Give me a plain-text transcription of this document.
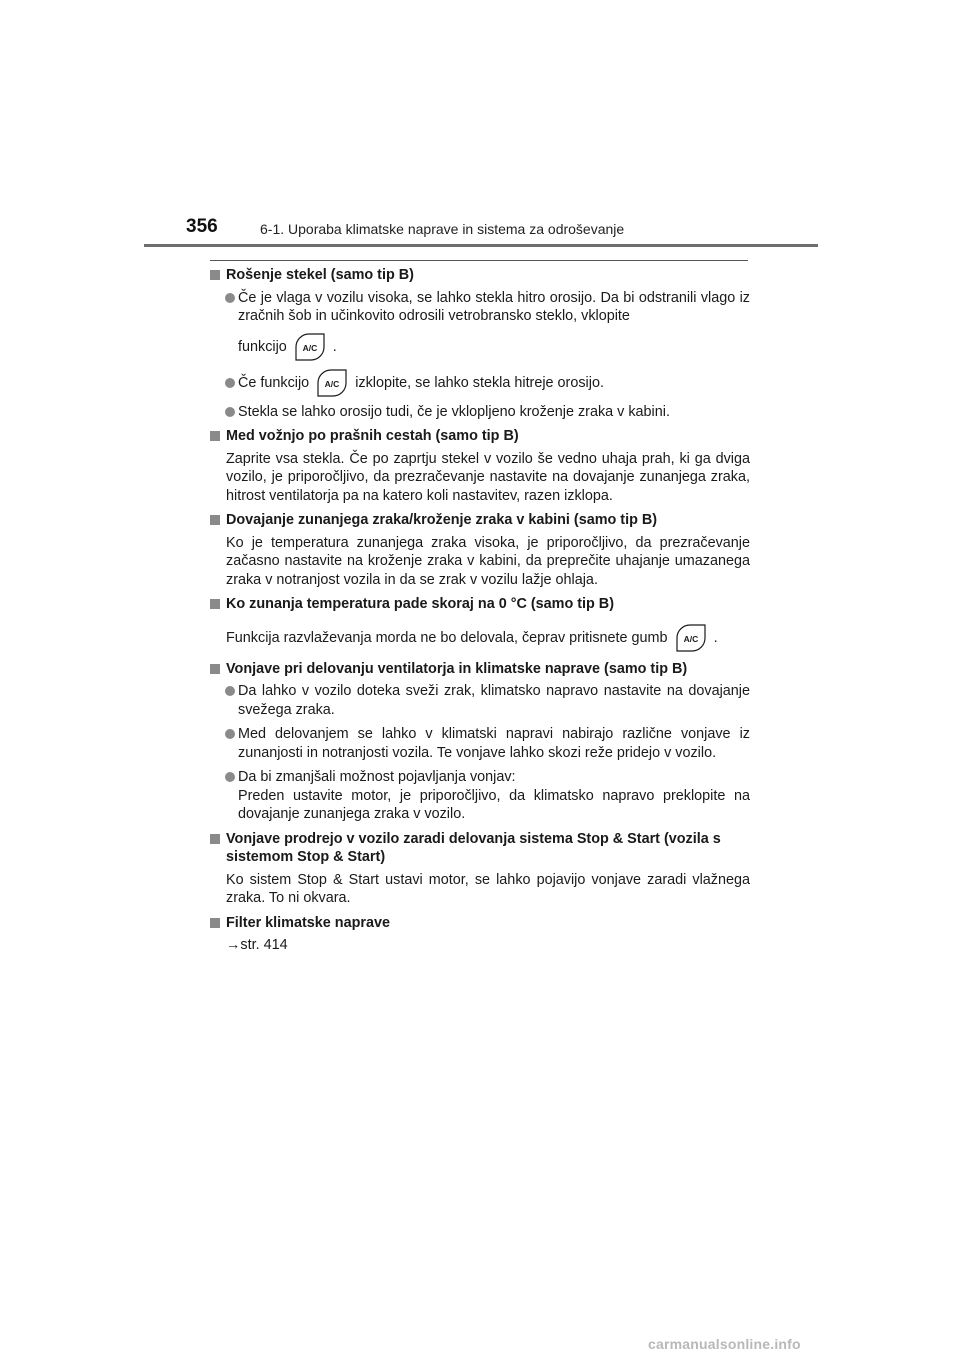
356	6-1. Uporaba klimatske naprave in sistema za odroševanje

Rošenje stekel (samo tip B)

Če je vlaga v vozilu visoka, se lahko stekla hitro orosijo. Da bi odstranili vlago iz zračnih šob in učinkovito odrosili vetrobransko steklo, vklopite

funkcijo A/C .

Če funkcijo A/C izklopite, se lahko stekla hitreje orosijo.

Stekla se lahko orosijo tudi, če je vklopljeno kroženje zraka v kabini.

Med vožnjo po prašnih cestah (samo tip B)

Zaprite vsa stekla. Če po zaprtju stekel v vozilo še vedno uhaja prah, ki ga dviga vozilo, je priporočljivo, da prezračevanje nastavite na dovajanje zunanjega zraka, hitrost ventilatorja pa na katero koli nastavitev, razen izklopa.

Dovajanje zunanjega zraka/kroženje zraka v kabini (samo tip B)

Ko je temperatura zunanjega zraka visoka, je priporočljivo, da prezračevanje začasno nastavite na kroženje zraka v kabini, da preprečite uhajanje umazanega zraka v notranjost vozila in da se zrak v vozilu lažje ohlaja.

Ko zunanja temperatura pade skoraj na 0 °C (samo tip B)

Funkcija razvlaževanja morda ne bo delovala, čeprav pritisnete gumb A/C .

Vonjave pri delovanju ventilatorja in klimatske naprave (samo tip B)

Da lahko v vozilo doteka sveži zrak, klimatsko napravo nastavite na dovajanje svežega zraka.

Med delovanjem se lahko v klimatski napravi nabirajo različne vonjave iz zunanjosti in notranjosti vozila. Te vonjave lahko skozi reže pridejo v vozilo.

Da bi zmanjšali možnost pojavljanja vonjav:
Preden ustavite motor, je priporočljivo, da klimatsko napravo preklopite na dovajanje zunanjega zraka v vozilo.

Vonjave prodrejo v vozilo zaradi delovanja sistema Stop & Start (vozila s sistemom Stop & Start)

Ko sistem Stop & Start ustavi motor, se lahko pojavijo vonjave zaradi vlažnega zraka. To ni okvara.

Filter klimatske naprave

→str. 414

carmanualsonline.info
